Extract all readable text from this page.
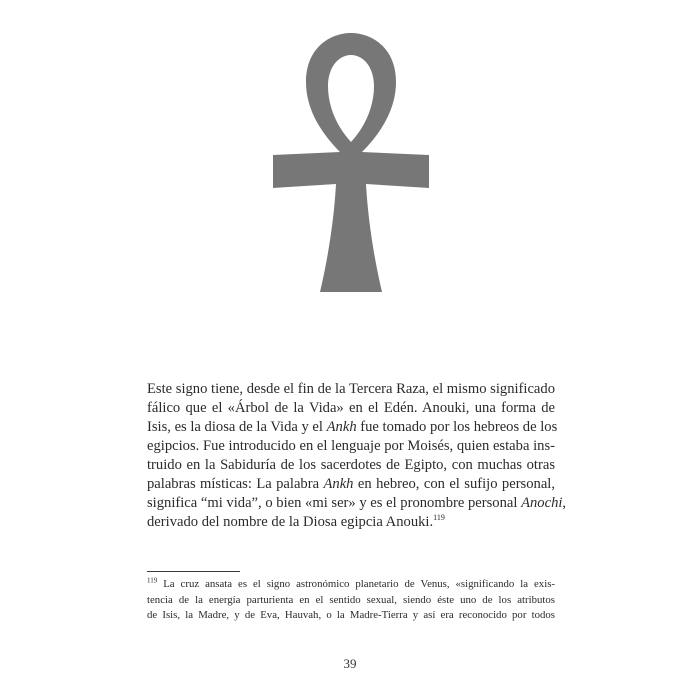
Este signo tiene, desde el fin de la Tercera Raza, el mismo significado
fálico que el «Árbol de la Vida» en el Edén. Anouki, una forma de
Isis, es la diosa de la Vida y el Ankh fue tomado por los hebreos de los
egipcios. Fue introducido en el lenguaje por Moisés, quien estaba ins-
truido en la Sabiduría de los sacerdotes de Egipto, con muchas otras
palabras místicas: La palabra Ankh en hebreo, con el sufijo personal,
significa “mi vida”, o bien «mi ser» y es el pronombre personal Anochi,
derivado del nombre de la Diosa egipcia Anouki.$^{119}$

$^{119}$ La cruz ansata es el signo astronómico planetario de Venus, «significando la exis-
tencia de la energía parturienta en el sentido sexual, siendo éste uno de los atributos
de Isis, la Madre, y de Eva, Hauvah, o la Madre-Tierra y así era reconocido por todos
39
